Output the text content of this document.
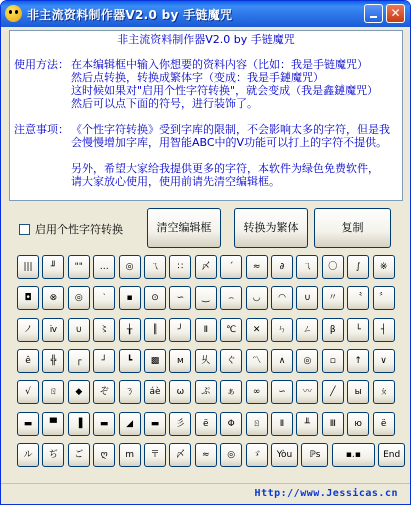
非主流资料制作器V2.0 by 手链魔咒	✕
非主流资料制作器V2.0 by 手链魔咒
使用方法： 在本编辑框中输入你想要的资料内容（比如：我是手链魔咒）
然后点转换，转换成繁体字（变成：我是手鏈魔咒）
这时候如果对"启用个性字符转换"，就会变成（我是鑫鏈魔咒）
然后可以点下面的符号，进行装饰了。
注意事项： 《个性字符转换》受到字库的限制，不会影响太多的字符，但是我
会慢慢增加字库，用智能ABC中的V功能可以打上的字符不提供。
另外，希望大家给我提供更多的字符，本软件为绿色免费软件，
请大家放心使用，使用前请先清空编辑框。
启用个性字符转换	清空编辑框	转换为繁体	复制
|||	╜	""	…	◎	ㄟ	∷	〆	ˊ	≈	∂	ㄟ	〇	∫	※
◘	⊗	◎	‵	▪	⊙	∽	‿	⌢	◡	◠	∪	〃	〝	〞
ノ	ⅳ	∪	〻	╁	║	╯	Ⅱ	℃	✕	ㄣ	ㄥ	β	└	┤
ê	╬	┌	┘	┗	▩	м	乆	ぐ	〽	∧	◎	▫	↑	∨
√	ㄖ	◆	ぞ	ㄋ	áè	ω	ぷ	ぁ	∞	∽	〰	╱	ы	ㄆ
▬	▀	▐	▬	◢	▬	彡	ё	Φ	ㄖ	Ⅱ	╨	Ⅲ	ю	ё
ル	ぢ	ご	ღ	ⅿ	〒	〆	≈	◎	ゞ	Yòu	ℙs	▪.▪	End
Http://www.Jessicas.cn
